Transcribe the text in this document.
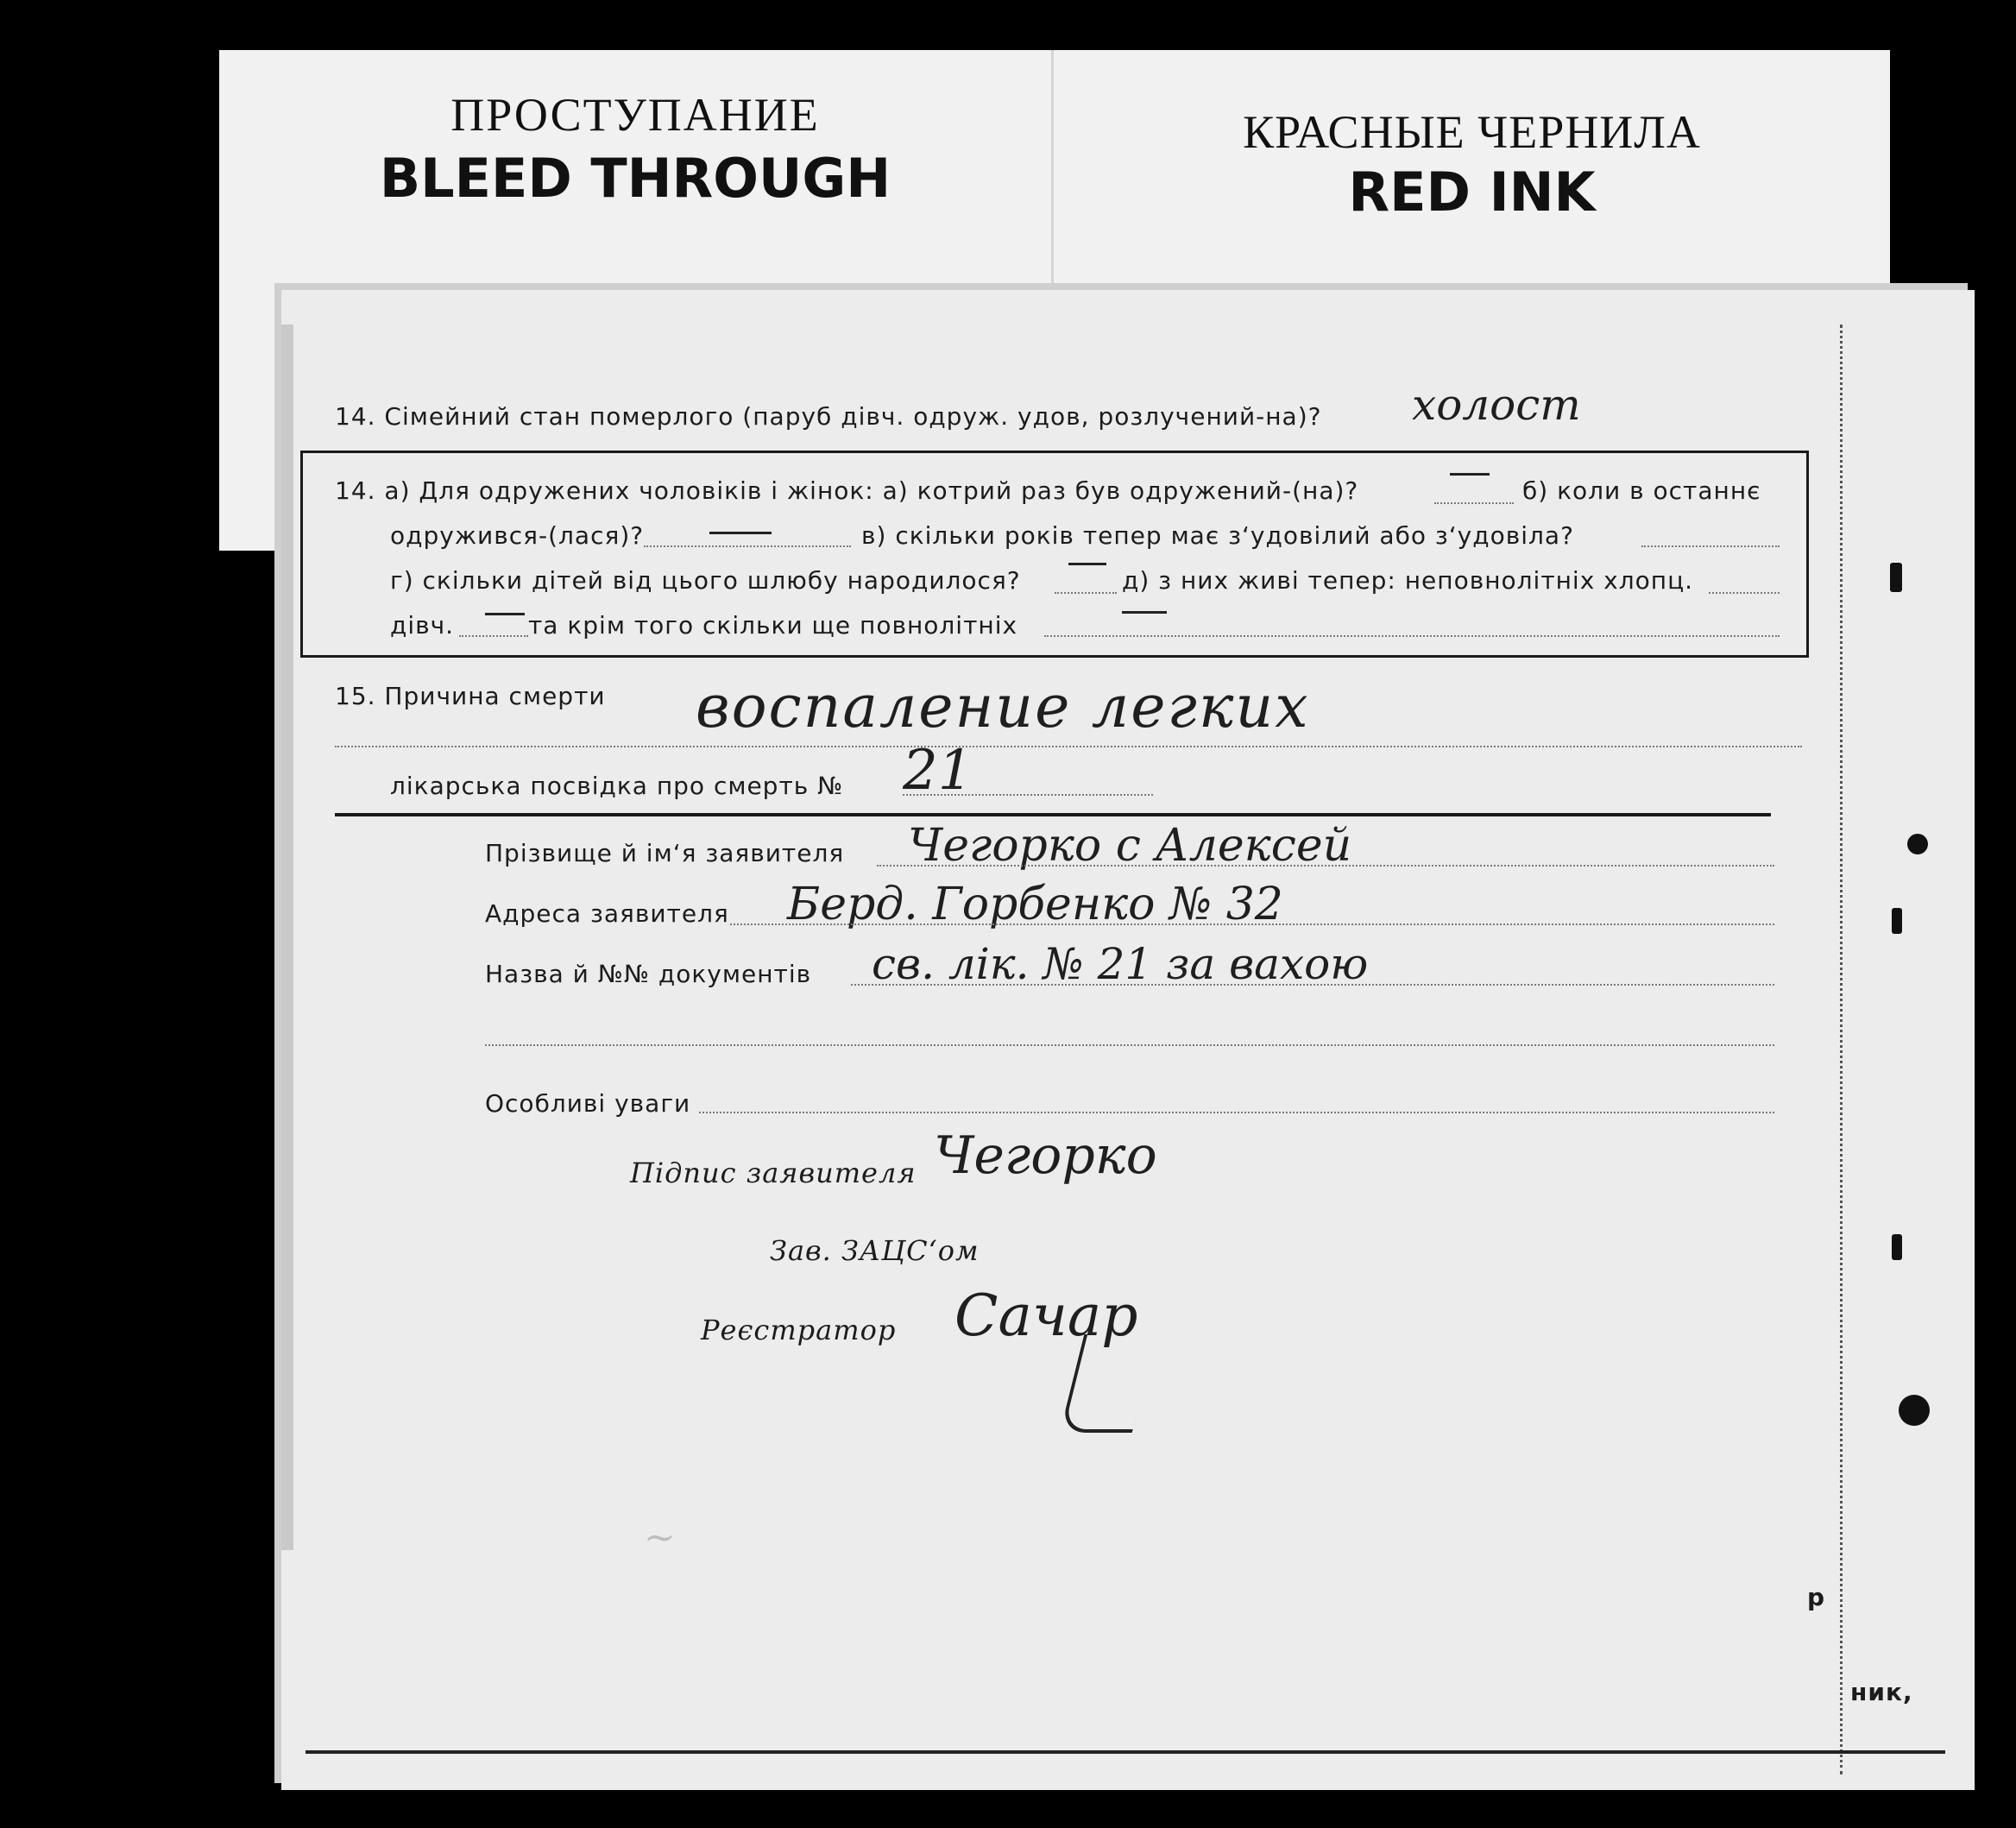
ПРОСТУПАНИЕ
BLEED THROUGH
КРАСНЫЕ ЧЕРНИЛА
RED INK
14. Сімейний стан померлого (паруб дівч. одруж. удов, розлучений-на)? холост
14. а) Для одружених чоловіків і жінок: а) котрий раз був одружений-(на)?	б) коли в останнє
одружився-(лася)?	в) скільки років тепер має з‘удовілий або з‘удовіла?
г) скільки дітей від цього шлюбу народилося?	д) з них живі тепер: неповнолітніх хлопц.
дівч.	та крім того скільки ще повнолітніх
15. Причина смерти воспаление легких
лікарська посвідка про смерть № 21
Прізвище й ім‘я заявителя Чегорко с Алексей
Адреса заявителя Берд. Горбенко № 32
Назва й №№ документів св. лік. № 21 за вахою
Особливі уваги
Підпис заявителя Чегорко
Зав. ЗАЦС‘ом
Реєстратор Сачар
~
ник,
р
